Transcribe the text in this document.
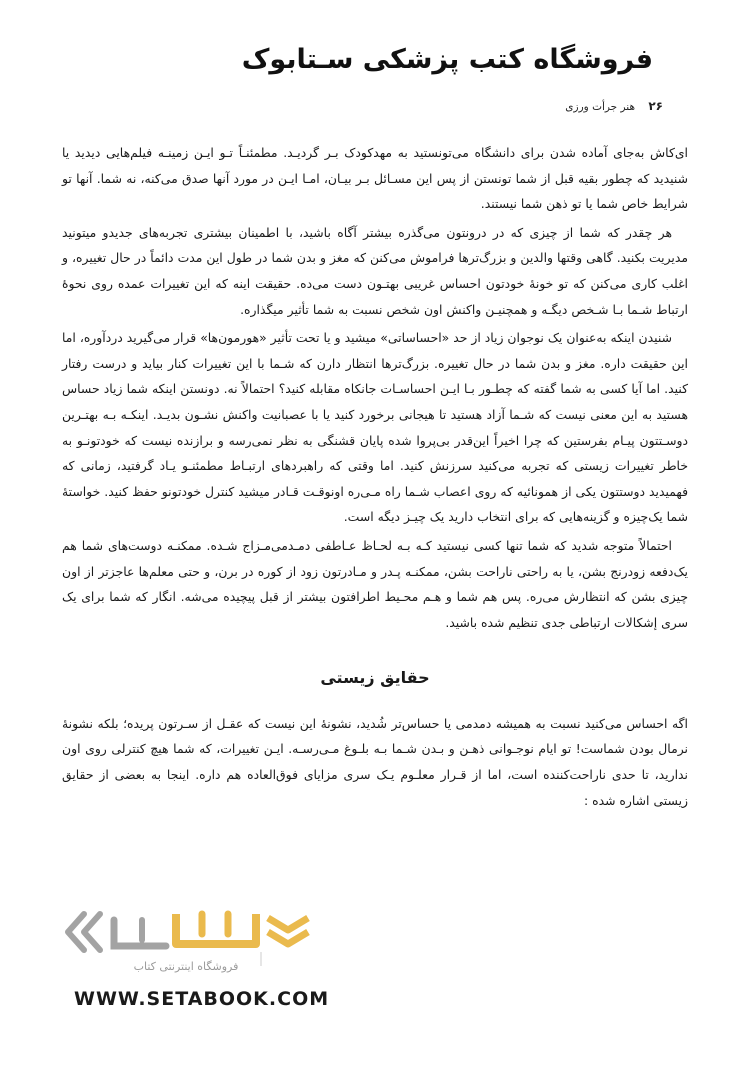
فروشگاه کتب پزشکی سـتابوک
۲۶ هنر جرأت ورزی

ای‌کاش به‌جای آماده شدن برای دانشگاه می‌تونستید به مهدکودک بـر گردیـد. مطمئنـاً تـو ایـن زمینـه فیلم‌هایی دیدید یا شنیدید که چطور بقیه قبل از شما تونستن از پس این مسـائل بـر بیـان، امـا ایـن در مورد آنها صدق می‌کنه، نه شما. آنها تو شرایط خاص شما یا تو ذهن شما نیستند.

هر چقدر که شما از چیزی که در درونتون می‌گذره بیشتر آگاه باشید، با اطمینان بیشتری تجربه‌های جدیدو میتونید مدیریت بکنید. گاهی وقتها والدین و بزرگ‌ترها فراموش می‌کنن که مغز و بدن شما در طول این مدت دائماً در حال تغییره، و اغلب کاری می‌کنن که تو خونهٔ خودتون احساس غریبی بهتـون دست می‌ده. حقیقت اینه که این تغییرات عمده روی نحوهٔ ارتباط شـما بـا شـخص دیگـه و همچنیـن واکنش اون شخص نسبت به شما تأثیر میگذاره.

شنیدن اینکه به‌عنوان یک نوجوان زیاد از حد «احساساتی» میشید و یا تحت تأثیر «هورمون‌ها» قرار می‌گیرید دردآوره، اما این حقیقت داره. مغز و بدن شما در حال تغییره. بزرگ‌ترها انتظار دارن که شـما با این تغییرات کنار بیاید و درست رفتار کنید. اما آیا کسی به شما گفته که چطـور بـا ایـن احساسـات جانکاه مقابله کنید؟ احتمالاً نه. دونستن اینکه شما زیاد حساس هستید به این معنی نیست که شـما آزاد هستید تا هیجانی برخورد کنید یا با عصبانیت واکنش نشـون بدیـد. اینکـه بـه بهتـرین دوسـتتون پیـام بفرستین که چرا اخیراً این‌قدر بی‌پروا شده پایان قشنگی به نظر نمی‌رسه و برازنده نیست که خودتونـو به خاطر تغییرات زیستی که تجربه می‌کنید سرزنش کنید. اما وقتی که راهبردهای ارتبـاط مطمئنـو یـاد گرفتید، زمانی که فهمیدید دوستتون یکی از همونائیه که روی اعصاب شـما راه مـی‌ره اونوقـت قـادر میشید کنترل خودتونو حفظ کنید. خواستهٔ شما یک‌چیزه و گزینه‌هایی که برای انتخاب دارید یک چیـز دیگه است.

احتمالاً متوجه شدید که شما تنها کسی نیستید کـه بـه لحـاظ عـاطفی دمـدمی‌مـزاج شـده. ممکنـه دوست‌های شما هم یک‌دفعه زودرنج بشن، یا به راحتی ناراحت بشن، ممکنـه پـدر و مـادرتون زود از کوره در برن، و حتی معلم‌ها عاجزتر از اون چیزی بشن که انتظارش می‌ره. پس هم شما و هـم محـیط اطرافتون بیشتر از قبل پیچیده می‌شه. انگار که شما برای یک سری إشکالات ارتباطی جدی تنظیم شده باشید.

حقایق زیستی

اگه احساس می‌کنید نسبت به همیشه دمدمی یا حساس‌تر شُدید، نشونهٔ این نیست که عقـل از سـرتون پریده؛ بلکه نشونهٔ نرمال بودن شماست! تو ایام نوجـوانی ذهـن و بـدن شـما بـه بلـوغ مـی‌رسـه. ایـن تغییرات، که شما هیچ کنترلی روی اون ندارید، تا حدی ناراحت‌کننده است، اما از قـرار معلـوم یـک سری مزایای فوق‌العاده هم داره. اینجا به بعضی از حقایق زیستی اشاره شده :

فروشگاه اینترنتی کتاب
WWW.SETABOOK.COM
